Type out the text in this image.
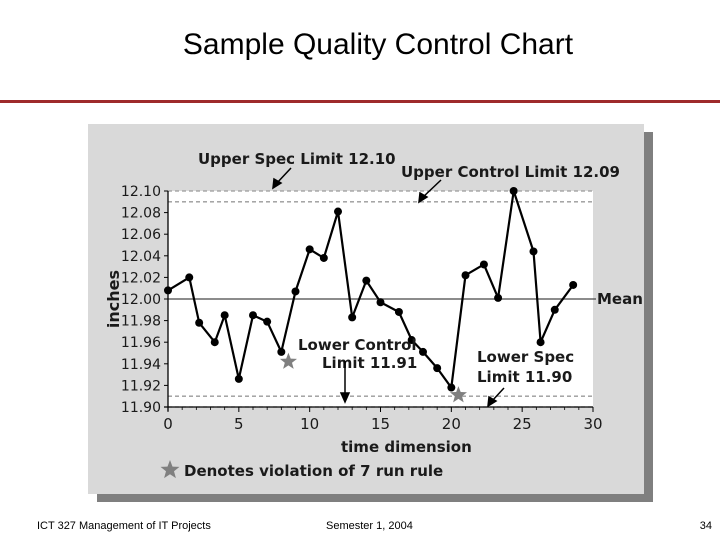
Sample Quality Control Chart
12.10
12.08
12.06
12.04
12.02
12.00
11.98
11.96
11.94
11.92
11.90
0	5	10	15	20	25	30
Upper Spec Limit 12.10
Upper Control Limit 12.09
Mean
Lower Control
Limit 11.91	Lower Spec
Limit 11.90
time dimension
Denotes violation of 7 run rule
inches
ICT 327 Management of IT Projects	Semester 1, 2004	34
